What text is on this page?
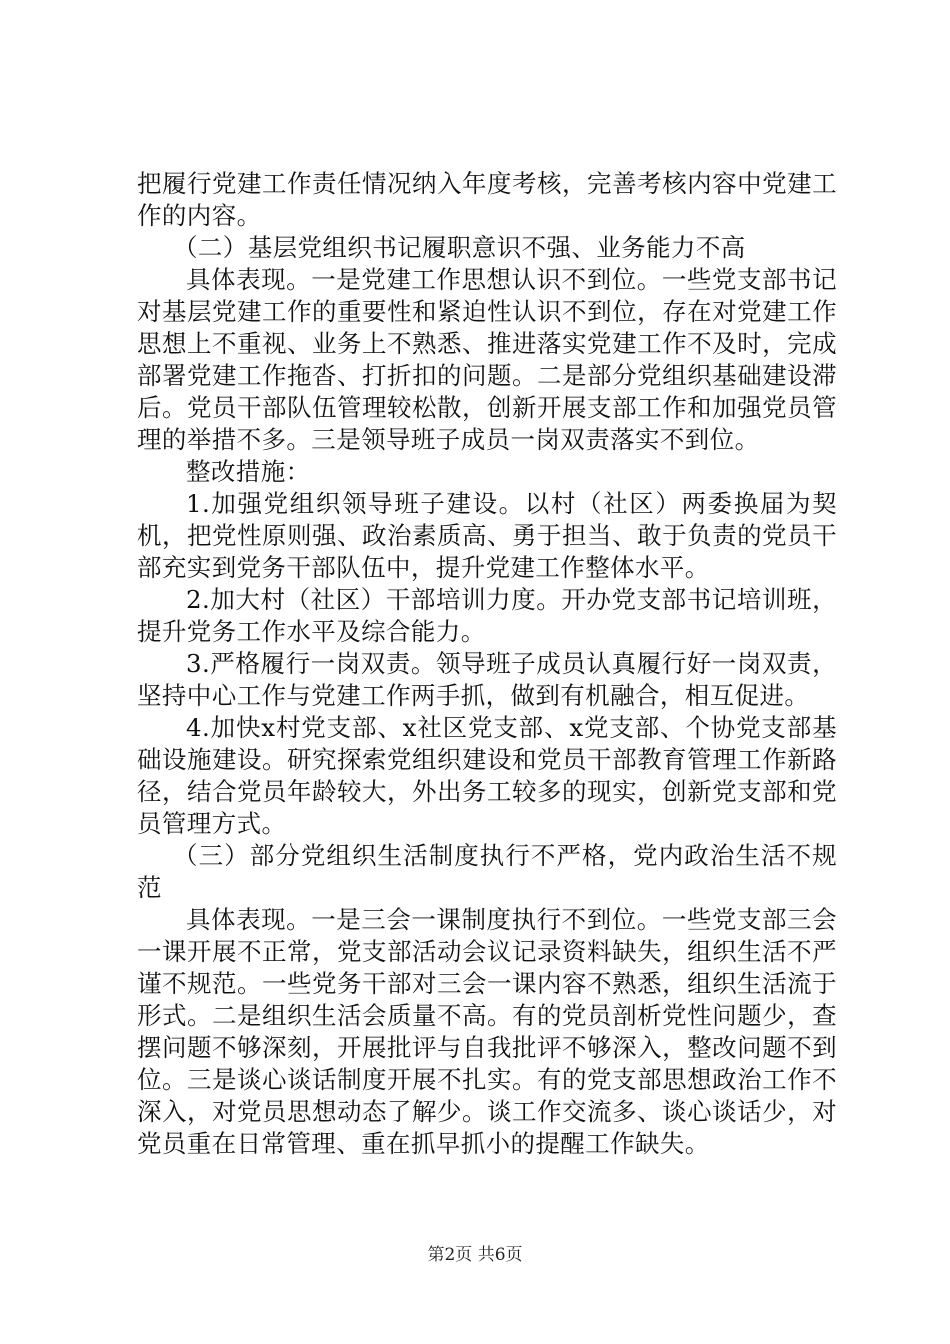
把履行党建工作责任情况纳入年度考核，完善考核内容中党建工作的内容。

（二）基层党组织书记履职意识不强、业务能力不高

具体表现。一是党建工作思想认识不到位。一些党支部书记对基层党建工作的重要性和紧迫性认识不到位，存在对党建工作思想上不重视、业务上不熟悉、推进落实党建工作不及时，完成部署党建工作拖沓、打折扣的问题。二是部分党组织基础建设滞后。党员干部队伍管理较松散，创新开展支部工作和加强党员管理的举措不多。三是领导班子成员一岗双责落实不到位。

整改措施：

1.加强党组织领导班子建设。以村（社区）两委换届为契机，把党性原则强、政治素质高、勇于担当、敢于负责的党员干部充实到党务干部队伍中，提升党建工作整体水平。

2.加大村（社区）干部培训力度。开办党支部书记培训班，提升党务工作水平及综合能力。

3.严格履行一岗双责。领导班子成员认真履行好一岗双责，坚持中心工作与党建工作两手抓，做到有机融合，相互促进。

4.加快x村党支部、x社区党支部、x党支部、个协党支部基础设施建设。研究探索党组织建设和党员干部教育管理工作新路径，结合党员年龄较大，外出务工较多的现实，创新党支部和党员管理方式。

（三）部分党组织生活制度执行不严格，党内政治生活不规范

具体表现。一是三会一课制度执行不到位。一些党支部三会一课开展不正常，党支部活动会议记录资料缺失，组织生活不严谨不规范。一些党务干部对三会一课内容不熟悉，组织生活流于形式。二是组织生活会质量不高。有的党员剖析党性问题少，查摆问题不够深刻，开展批评与自我批评不够深入，整改问题不到位。三是谈心谈话制度开展不扎实。有的党支部思想政治工作不深入，对党员思想动态了解少。谈工作交流多、谈心谈话少，对党员重在日常管理、重在抓早抓小的提醒工作缺失。

第2页 共6页
